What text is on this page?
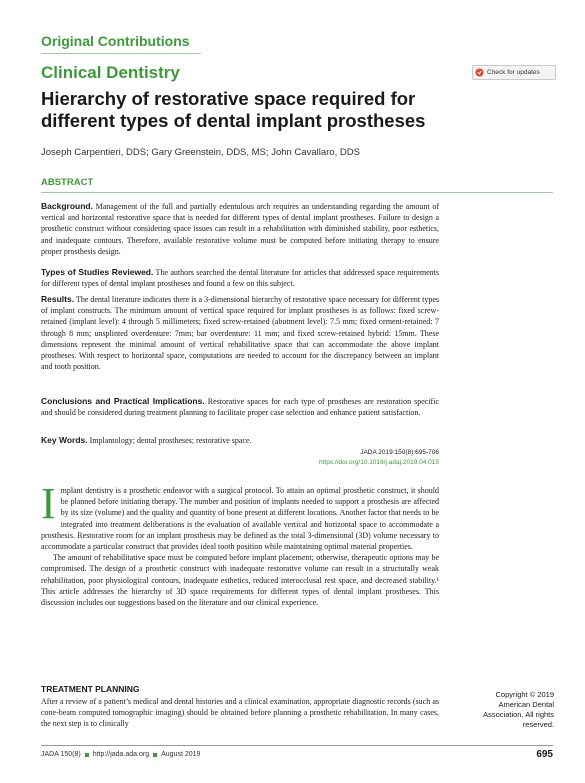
Original Contributions
Clinical Dentistry
Hierarchy of restorative space required for different types of dental implant prostheses
Check for updates
Joseph Carpentieri, DDS; Gary Greenstein, DDS, MS; John Cavallaro, DDS
ABSTRACT

Background. Management of the full and partially edentulous arch requires an understanding regarding the amount of vertical and horizontal restorative space that is needed for different types of dental implant prostheses. Failure to design a prosthetic construct without considering space issues can result in a rehabilitation with diminished stability, poor esthetics, and inadequate contours. Therefore, available restorative volume must be computed before initiating therapy to ensure proper prosthesis design.

Types of Studies Reviewed. The authors searched the dental literature for articles that addressed space requirements for different types of dental implant prostheses and found a few on this subject.

Results. The dental literature indicates there is a 3-dimensional hierarchy of restorative space necessary for different types of implant constructs. The minimum amount of vertical space required for implant prostheses is as follows: fixed screw-retained (implant level): 4 through 5 millimeters; fixed screw-retained (abutment level): 7.5 mm; fixed cement-retained: 7 through 8 mm; unsplinted overdenture: 7mm; bar overdenture: 11 mm; and fixed screw-retained hybrid: 15mm. These dimensions represent the minimal amount of vertical rehabilitative space that can accommodate the above implant prostheses. With respect to horizontal space, computations are needed to account for the discrepancy between an implant and tooth position.

Conclusions and Practical Implications. Restorative spaces for each type of prostheses are restoration specific and should be considered during treatment planning to facilitate proper case selection and enhance patient satisfaction.

Key Words. Implantology; dental prostheses; restorative space.

JADA 2019:150(8):695-706
https://doi.org/10.1016/j.adaj.2019.04.015

Implant dentistry is a prosthetic endeavor with a surgical protocol. To attain an optimal prosthetic construct, it should be planned before initiating therapy. The number and position of implants needed to support a prosthesis are affected by its size (volume) and the quality and quantity of bone present at different locations. Another factor that needs to be integrated into treatment deliberations is the evaluation of available vertical and horizontal space to accommodate a prosthesis. Restorative room for an implant prosthesis may be defined as the total 3-dimensional (3D) volume necessary to accommodate a particular construct that provides ideal tooth position while maintaining optimal material properties.

The amount of rehabilitative space must be computed before implant placement; otherwise, therapeutic options may be compromised. The design of a prosthetic construct with inadequate restorative volume can result in a structurally weak rehabilitation, poor physiological contours, inadequate esthetics, reduced interocclusal rest space, and decreased stability.¹ This article addresses the hierarchy of 3D space requirements for different types of dental implant prostheses. This discussion includes our suggestions based on the literature and our clinical experience.

TREATMENT PLANNING

After a review of a patient’s medical and dental histories and a clinical examination, appropriate diagnostic records (such as cone-beam computed tomographic imaging) should be obtained before planning a prosthetic rehabilitation. In many cases, the next step is to clinically

Copyright © 2019
American Dental
Association. All rights
reserved.
JADA 150(8) http://jada.ada.org August 2019	695
